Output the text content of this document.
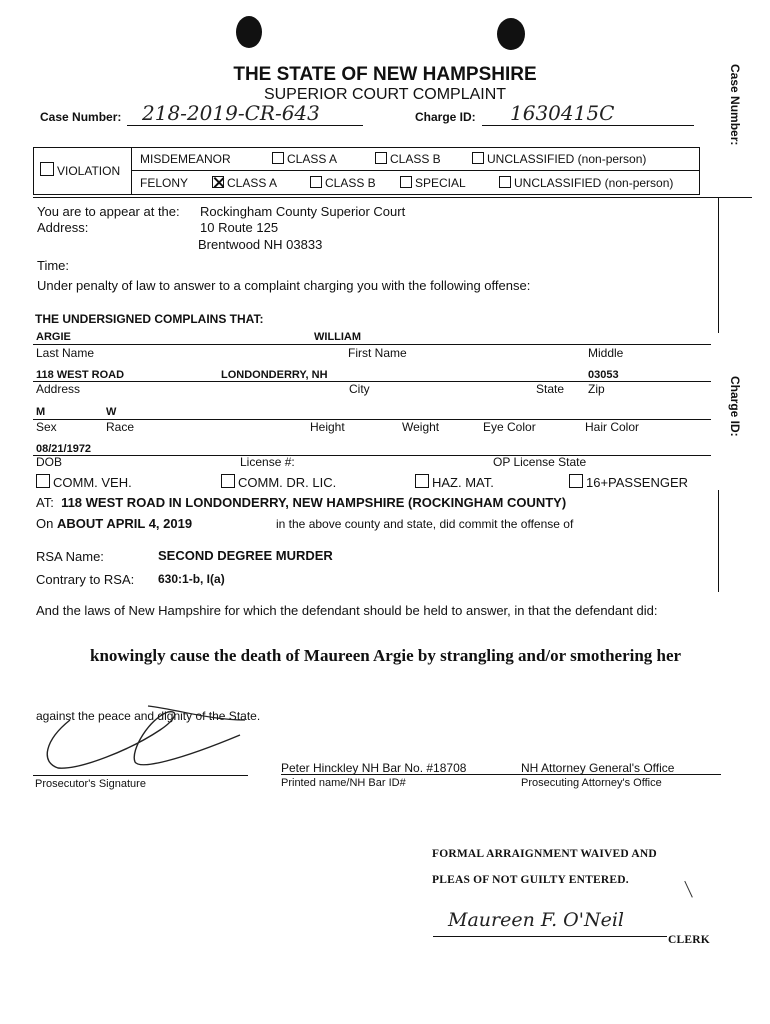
THE STATE OF NEW HAMPSHIRE
SUPERIOR COURT COMPLAINT
Case Number: 218-2019-CR-643	Charge ID: 1630415C	Case Number:
Charge ID:
VIOLATION
MISDEMEANOR	CLASS A	CLASS B	UNCLASSIFIED (non-person)
FELONY	CLASS A	CLASS B	SPECIAL	UNCLASSIFIED (non-person)
You are to appear at the: Rockingham County Superior Court
Address:	10 Route 125
Brentwood NH 03833
Time:
Under penalty of law to answer to a complaint charging you with the following offense:
THE UNDERSIGNED COMPLAINS THAT:
ARGIE	WILLIAM
Last Name	First Name	Middle
118 WEST ROAD	LONDONDERRY, NH	03053
Address	City	State Zip
M	W
Sex	Race	Height	Weight	Eye Color	Hair Color
08/21/1972
DOB	License #:	OP License State
COMM. VEH.	COMM. DR. LIC.	HAZ. MAT.	16+PASSENGER
AT: 118 WEST ROAD IN LONDONDERRY, NEW HAMPSHIRE (ROCKINGHAM COUNTY)
On ABOUT APRIL 4, 2019	in the above county and state, did commit the offense of
RSA Name:	SECOND DEGREE MURDER
Contrary to RSA: 630:1-b, I(a)
And the laws of New Hampshire for which the defendant should be held to answer, in that the defendant did:
knowingly cause the death of Maureen Argie by strangling and/or smothering her
against the peace and dignity of the State.
Prosecutor's Signature
Peter Hinckley NH Bar No. #18708	NH Attorney General's Office
Printed name/NH Bar ID#	Prosecuting Attorney's Office
FORMAL ARRAIGNMENT WAIVED AND
PLEAS OF NOT GUILTY ENTERED.
Maureen F. O'Neil
CLERK
